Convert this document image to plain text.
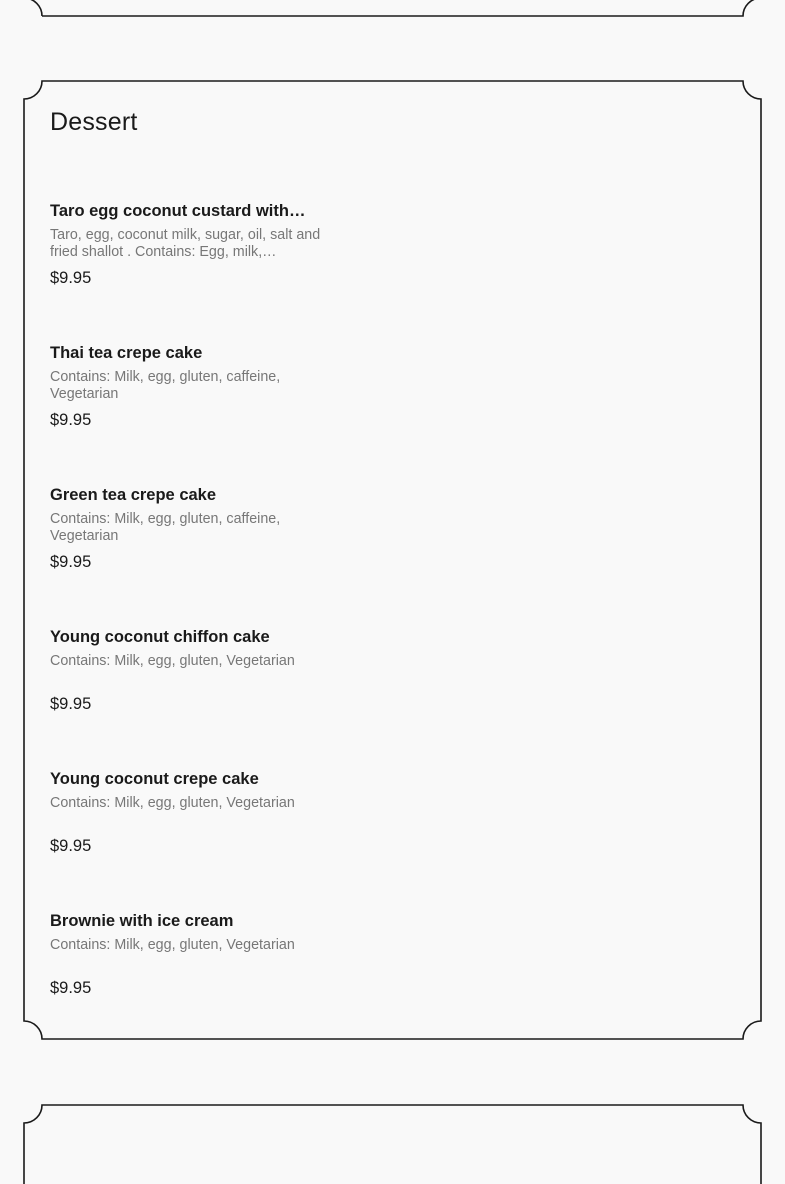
Dessert
Taro egg coconut custard with…

Taro, egg, coconut milk, sugar, oil, salt and fried shallot . Contains: Egg, milk,…

$9.95

Thai tea crepe cake

Contains: Milk, egg, gluten, caffeine, Vegetarian

$9.95

Green tea crepe cake

Contains: Milk, egg, gluten, caffeine, Vegetarian

$9.95

Young coconut chiffon cake

Contains: Milk, egg, gluten, Vegetarian

$9.95

Young coconut crepe cake

Contains: Milk, egg, gluten, Vegetarian

$9.95

Brownie with ice cream

Contains: Milk, egg, gluten, Vegetarian

$9.95
